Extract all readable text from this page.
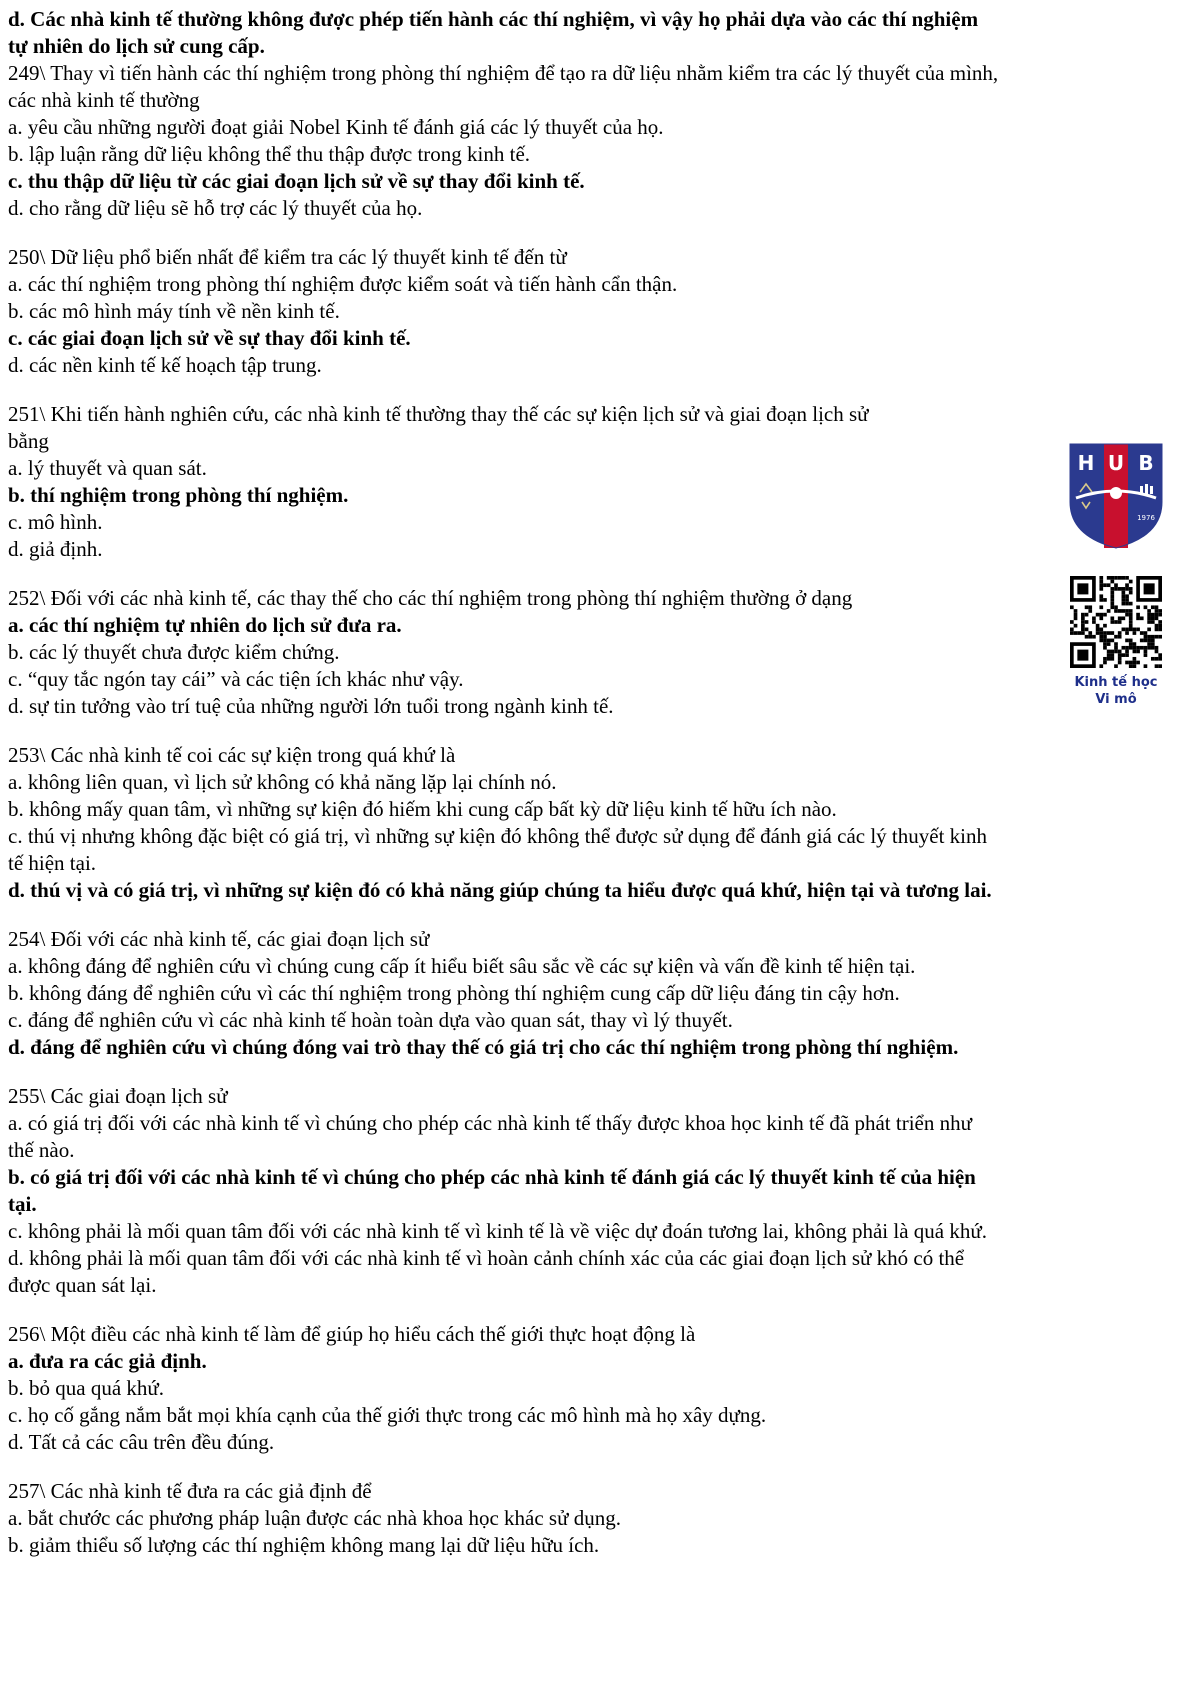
d. Các nhà kinh tế thường không được phép tiến hành các thí nghiệm, vì vậy họ phải dựa vào các thí nghiệm

tự nhiên do lịch sử cung cấp.

249\ Thay vì tiến hành các thí nghiệm trong phòng thí nghiệm để tạo ra dữ liệu nhằm kiểm tra các lý thuyết của mình,

các nhà kinh tế thường

a. yêu cầu những người đoạt giải Nobel Kinh tế đánh giá các lý thuyết của họ.

b. lập luận rằng dữ liệu không thể thu thập được trong kinh tế.

c. thu thập dữ liệu từ các giai đoạn lịch sử về sự thay đổi kinh tế.

d. cho rằng dữ liệu sẽ hỗ trợ các lý thuyết của họ.

250\ Dữ liệu phổ biến nhất để kiểm tra các lý thuyết kinh tế đến từ

a. các thí nghiệm trong phòng thí nghiệm được kiểm soát và tiến hành cẩn thận.

b. các mô hình máy tính về nền kinh tế.

c. các giai đoạn lịch sử về sự thay đổi kinh tế.

d. các nền kinh tế kế hoạch tập trung.

251\ Khi tiến hành nghiên cứu, các nhà kinh tế thường thay thế các sự kiện lịch sử và giai đoạn lịch sử

bằng

a. lý thuyết và quan sát.

b. thí nghiệm trong phòng thí nghiệm.

c. mô hình.

d. giả định.

252\ Đối với các nhà kinh tế, các thay thế cho các thí nghiệm trong phòng thí nghiệm thường ở dạng

a. các thí nghiệm tự nhiên do lịch sử đưa ra.

b. các lý thuyết chưa được kiểm chứng.

c. “quy tắc ngón tay cái” và các tiện ích khác như vậy.

d. sự tin tưởng vào trí tuệ của những người lớn tuổi trong ngành kinh tế.

253\ Các nhà kinh tế coi các sự kiện trong quá khứ là

a. không liên quan, vì lịch sử không có khả năng lặp lại chính nó.

b. không mấy quan tâm, vì những sự kiện đó hiếm khi cung cấp bất kỳ dữ liệu kinh tế hữu ích nào.

c. thú vị nhưng không đặc biệt có giá trị, vì những sự kiện đó không thể được sử dụng để đánh giá các lý thuyết kinh

tế hiện tại.

d. thú vị và có giá trị, vì những sự kiện đó có khả năng giúp chúng ta hiểu được quá khứ, hiện tại và tương lai.

254\ Đối với các nhà kinh tế, các giai đoạn lịch sử

a. không đáng để nghiên cứu vì chúng cung cấp ít hiểu biết sâu sắc về các sự kiện và vấn đề kinh tế hiện tại.

b. không đáng để nghiên cứu vì các thí nghiệm trong phòng thí nghiệm cung cấp dữ liệu đáng tin cậy hơn.

c. đáng để nghiên cứu vì các nhà kinh tế hoàn toàn dựa vào quan sát, thay vì lý thuyết.

d. đáng để nghiên cứu vì chúng đóng vai trò thay thế có giá trị cho các thí nghiệm trong phòng thí nghiệm.

255\ Các giai đoạn lịch sử

a. có giá trị đối với các nhà kinh tế vì chúng cho phép các nhà kinh tế thấy được khoa học kinh tế đã phát triển như

thế nào.

b. có giá trị đối với các nhà kinh tế vì chúng cho phép các nhà kinh tế đánh giá các lý thuyết kinh tế của hiện

tại.

c. không phải là mối quan tâm đối với các nhà kinh tế vì kinh tế là về việc dự đoán tương lai, không phải là quá khứ.

d. không phải là mối quan tâm đối với các nhà kinh tế vì hoàn cảnh chính xác của các giai đoạn lịch sử khó có thể

được quan sát lại.

256\ Một điều các nhà kinh tế làm để giúp họ hiểu cách thế giới thực hoạt động là

a. đưa ra các giả định.

b. bỏ qua quá khứ.

c. họ cố gắng nắm bắt mọi khía cạnh của thế giới thực trong các mô hình mà họ xây dựng.

d. Tất cả các câu trên đều đúng.

257\ Các nhà kinh tế đưa ra các giả định để

a. bắt chước các phương pháp luận được các nhà khoa học khác sử dụng.

b. giảm thiểu số lượng các thí nghiệm không mang lại dữ liệu hữu ích.

H U B
1976
Kinh tế học
Vi mô
